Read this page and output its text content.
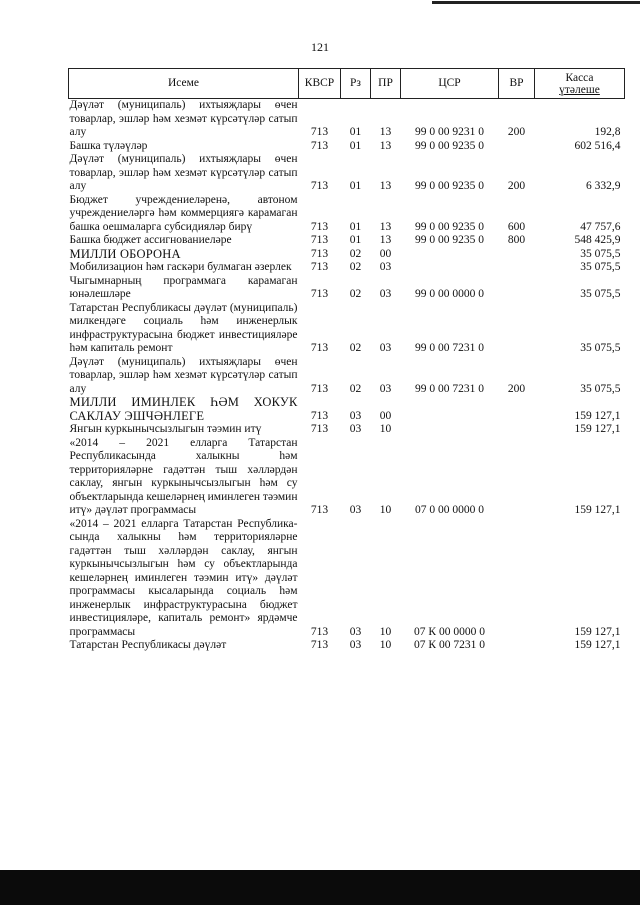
121
Исеме	КВСР	Рз	ПР	ЦСР	ВР	Касса
үтәлеше
Дәүләт (муниципаль) ихтыяҗлары өчен товарлар, эшләр һәм хезмәт күрсәтүләр сатып алу	713	01	13	99 0 00 9231 0	200	192,8
Башка түләүләр	713	01	13	99 0 00 9235 0		602 516,4
Дәүләт (муниципаль) ихтыяҗлары өчен товарлар, эшләр һәм хезмәт күрсәтүләр сатып алу	713	01	13	99 0 00 9235 0	200	6 332,9
Бюджет учреждениеләренә, автоном учреждениеләргә һәм коммерциягә карамаган башка оешмаларга субсидияләр бирү	713	01	13	99 0 00 9235 0	600	47 757,6
Башка бюджет ассигнованиеләре	713	01	13	99 0 00 9235 0	800	548 425,9
МИЛЛИ ОБОРОНА	713	02	00			35 075,5
Мобилизацион һәм гаскәри булмаган әзерлек	713	02	03			35 075,5
Чыгымнарның программага карамаган юнәлешләре	713	02	03	99 0 00 0000 0		35 075,5
Татарстан Республикасы дәүләт (муниципаль) милкендәге социаль һәм инженерлык инфраструктурасына бюджет инвестицияләре һәм капиталь ремонт	713	02	03	99 0 00 7231 0		35 075,5
Дәүләт (муниципаль) ихтыяҗлары өчен товарлар, эшләр һәм хезмәт күрсәтүләр сатып алу	713	02	03	99 0 00 7231 0	200	35 075,5
МИЛЛИ ИМИНЛЕК ҺӘМ ХОКУК САКЛАУ ЭШЧӘНЛЕГЕ	713	03	00			159 127,1
Янгын куркынычсызлыгын тәэмин итү	713	03	10			159 127,1
«2014 – 2021 елларга Татарстан Республикасында халыкны һәм территорияләрне гадәттән тыш хәлләрдән саклау, янгын куркынычсызлыгын һәм су объектларында кешеләрнең иминлеген тәэмин итү» дәүләт программасы	713	03	10	07 0 00 0000 0		159 127,1
«2014 – 2021 елларга Татарстан Республика-сында халыкны һәм территорияләрне гадәттән тыш хәлләрдән саклау, янгын куркынычсызлыгын һәм су объектларында кешеләрнең иминлеген тәэмин итү» дәүләт программасы кысаларында социаль һәм инженерлык инфраструктурасына бюджет инвестицияләре, капиталь ремонт» ярдәмче программасы	713	03	10	07 К 00 0000 0		159 127,1
Татарстан Республикасы дәүләт	713	03	10	07 К 00 7231 0		159 127,1
